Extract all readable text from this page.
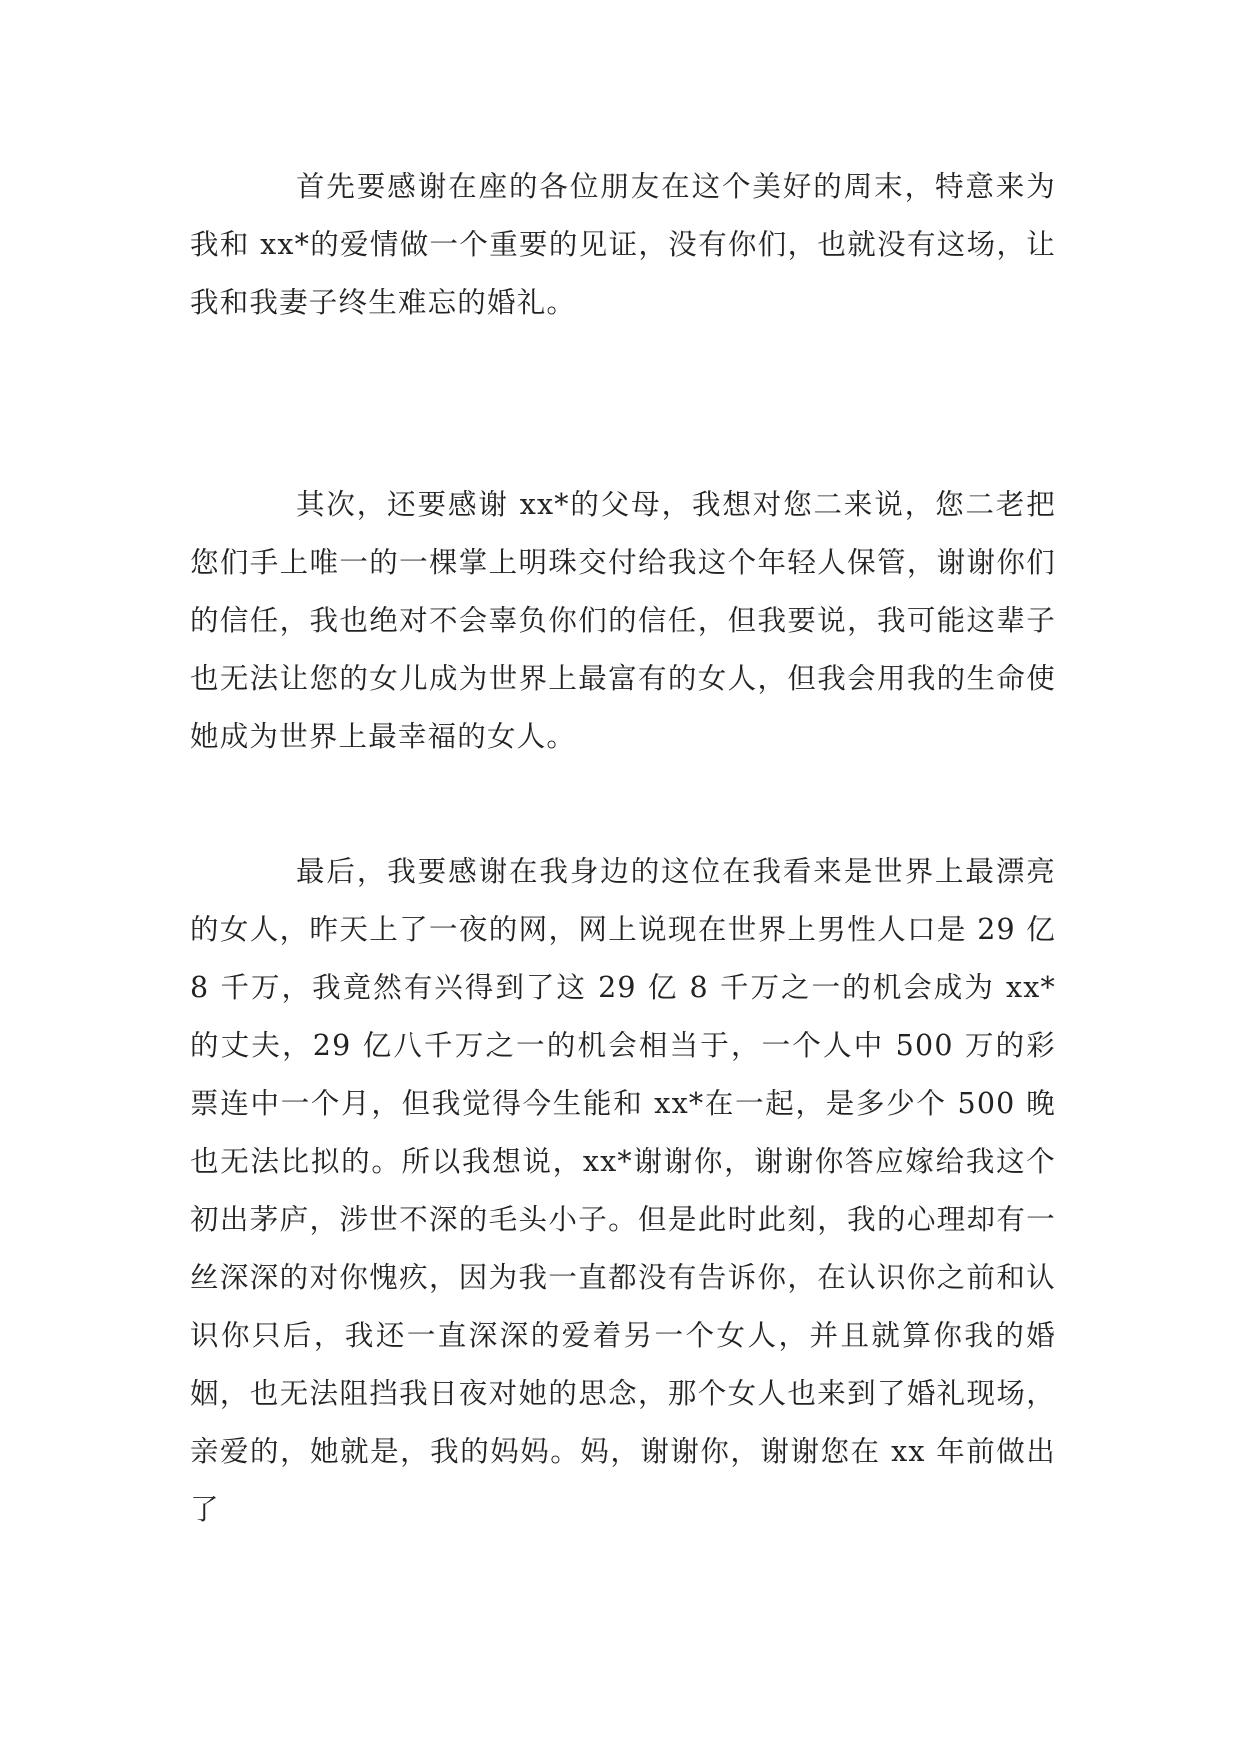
首先要感谢在座的各位朋友在这个美好的周末，特意来为我和 xx*的爱情做一个重要的见证，没有你们，也就没有这场，让我和我妻子终生难忘的婚礼。

其次，还要感谢 xx*的父母，我想对您二来说，您二老把您们手上唯一的一棵掌上明珠交付给我这个年轻人保管，谢谢你们的信任，我也绝对不会辜负你们的信任，但我要说，我可能这辈子也无法让您的女儿成为世界上最富有的女人，但我会用我的生命使她成为世界上最幸福的女人。

最后，我要感谢在我身边的这位在我看来是世界上最漂亮的女人，昨天上了一夜的网，网上说现在世界上男性人口是 29 亿 8 千万，我竟然有兴得到了这 29 亿 8 千万之一的机会成为 xx*的丈夫，29 亿八千万之一的机会相当于，一个人中 500 万的彩票连中一个月，但我觉得今生能和 xx*在一起，是多少个 500 晚也无法比拟的。所以我想说，xx*谢谢你，谢谢你答应嫁给我这个初出茅庐，涉世不深的毛头小子。但是此时此刻，我的心理却有一丝深深的对你愧疚，因为我一直都没有告诉你，在认识你之前和认识你只后，我还一直深深的爱着另一个女人，并且就算你我的婚姻，也无法阻挡我日夜对她的思念，那个女人也来到了婚礼现场，亲爱的，她就是，我的妈妈。妈，谢谢你，谢谢您在 xx 年前做出了
